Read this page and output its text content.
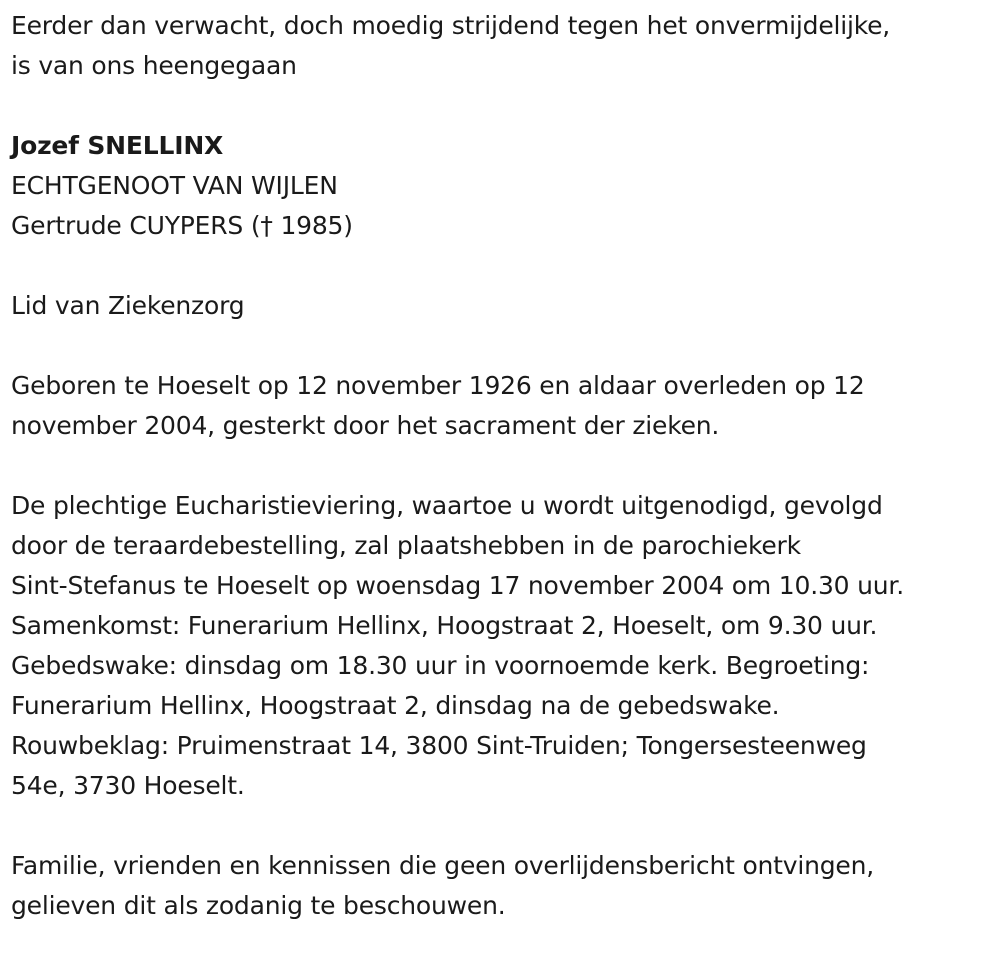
Eerder dan verwacht, doch moedig strijdend tegen het onvermijdelijke,

is van ons heengegaan

Jozef SNELLINX

ECHTGENOOT VAN WIJLEN

Gertrude CUYPERS († 1985)

Lid van Ziekenzorg

Geboren te Hoeselt op 12 november 1926 en aldaar overleden op 12

november 2004, gesterkt door het sacrament der zieken.

De plechtige Eucharistieviering, waartoe u wordt uitgenodigd, gevolgd

door de teraardebestelling, zal plaatshebben in de parochiekerk

Sint-Stefanus te Hoeselt op woensdag 17 november 2004 om 10.30 uur.

Samenkomst: Funerarium Hellinx, Hoogstraat 2, Hoeselt, om 9.30 uur.

Gebedswake: dinsdag om 18.30 uur in voornoemde kerk. Begroeting:

Funerarium Hellinx, Hoogstraat 2, dinsdag na de gebedswake.

Rouwbeklag: Pruimenstraat 14, 3800 Sint-Truiden; Tongersesteenweg

54e, 3730 Hoeselt.

Familie, vrienden en kennissen die geen overlijdensbericht ontvingen,

gelieven dit als zodanig te beschouwen.
